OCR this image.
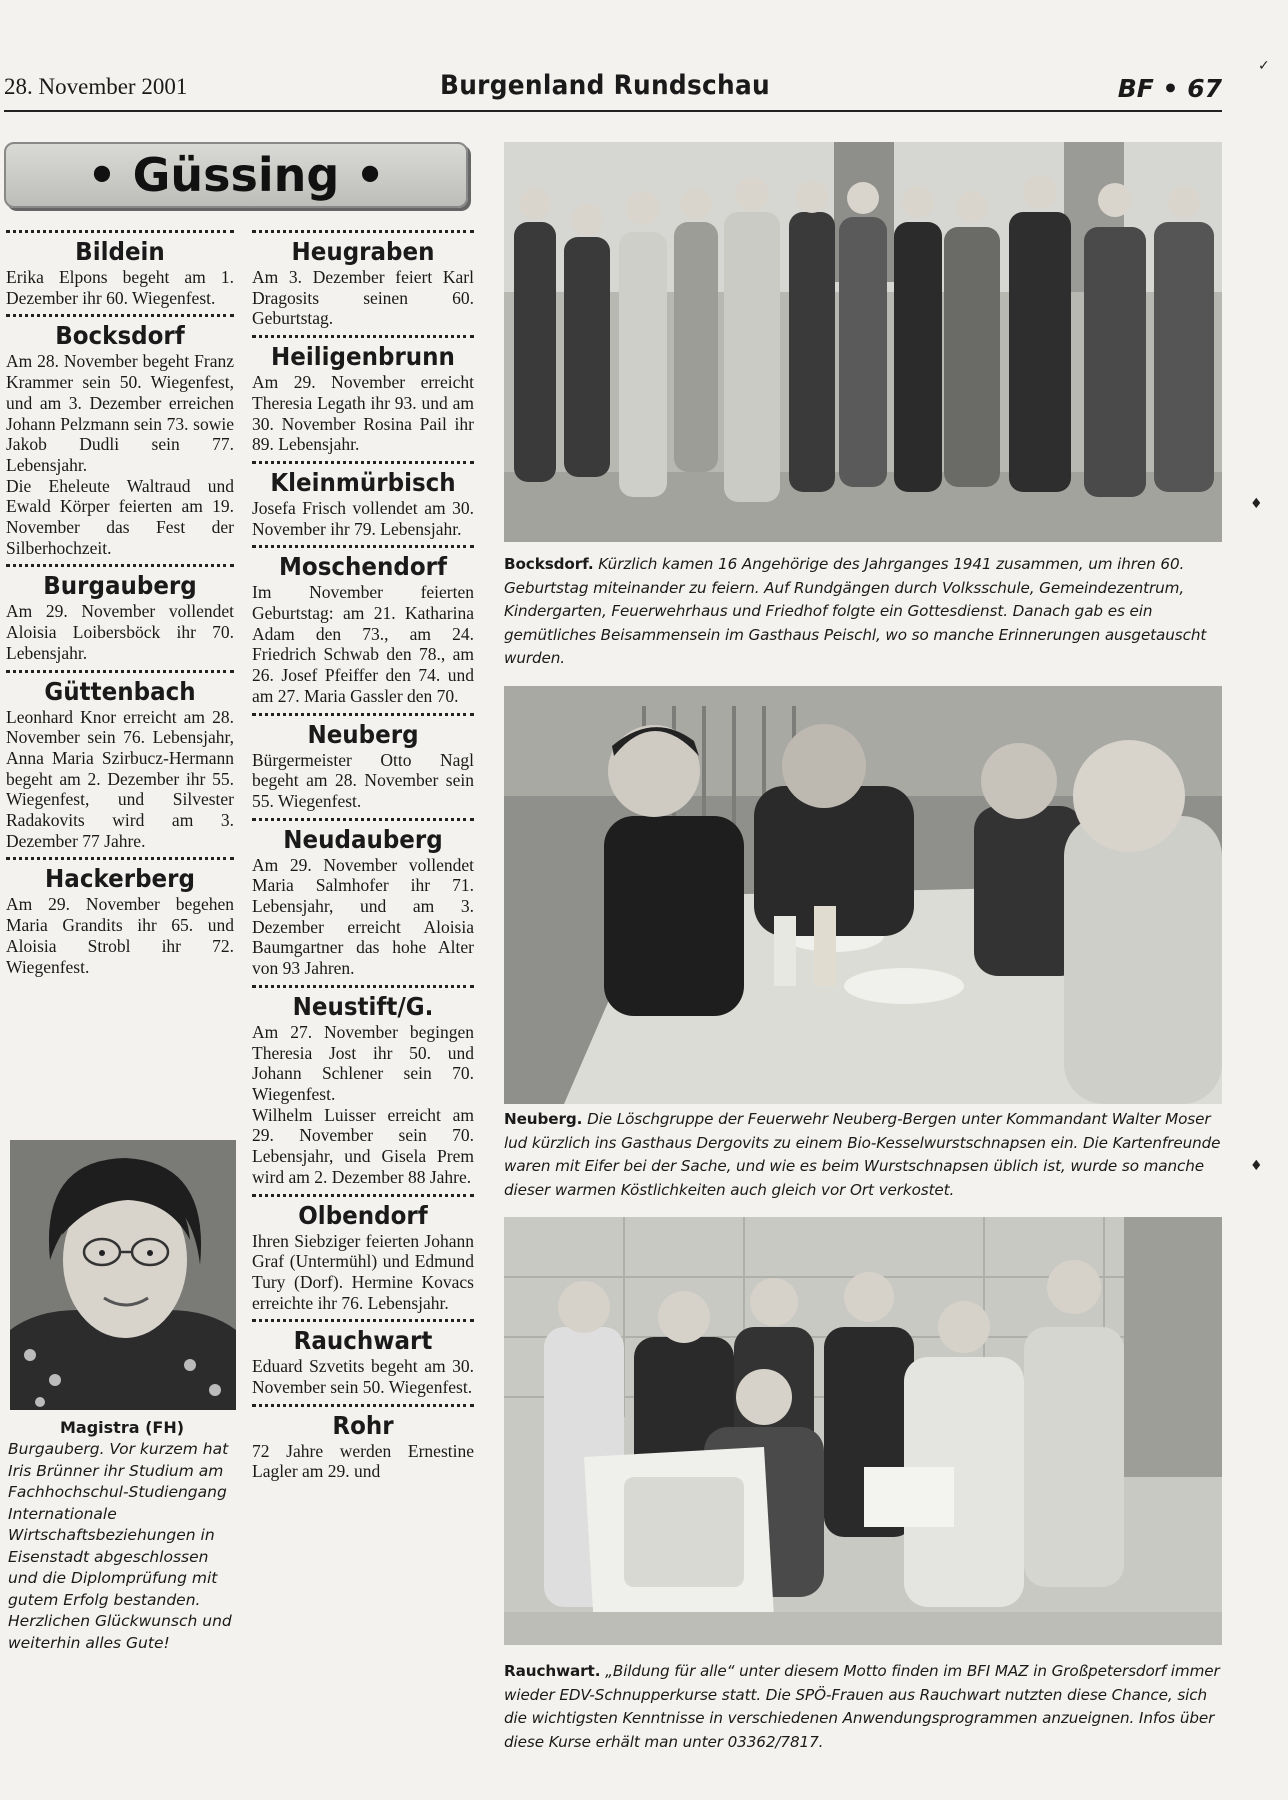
28. November 2001	Burgenland Rundschau	BF • 67
• Güssing •
Bildein

Erika Elpons begeht am 1. Dezember ihr 60. Wiegenfest.

Bocksdorf

Am 28. November begeht Franz Krammer sein 50. Wiegenfest, und am 3. Dezember erreichen Johann Pelzmann sein 73. sowie Jakob Dudli sein 77. Lebensjahr.

Die Eheleute Waltraud und Ewald Körper feierten am 19. November das Fest der Silberhochzeit.

Burgauberg

Am 29. November vollendet Aloisia Loibersböck ihr 70. Lebensjahr.

Güttenbach

Leonhard Knor erreicht am 28. November sein 76. Lebensjahr, Anna Maria Szirbucz-Hermann begeht am 2. Dezember ihr 55. Wiegenfest, und Silvester Radakovits wird am 3. Dezember 77 Jahre.

Hackerberg

Am 29. November begehen Maria Grandits ihr 65. und Aloisia Strobl ihr 72. Wiegenfest.

Magistra (FH)
Burgauberg. Vor kurzem hat Iris Brünner ihr Studium am Fachhochschul-Studiengang Internationale Wirtschaftsbeziehungen in Eisenstadt abgeschlossen und die Diplomprüfung mit gutem Erfolg bestanden. Herzlichen Glückwunsch und weiterhin alles Gute!
Heugraben

Am 3. Dezember feiert Karl Dragosits seinen 60. Geburtstag.

Heiligenbrunn

Am 29. November erreicht Theresia Legath ihr 93. und am 30. November Rosina Pail ihr 89. Lebensjahr.

Kleinmürbisch

Josefa Frisch vollendet am 30. November ihr 79. Lebensjahr.

Moschendorf

Im November feierten Geburtstag: am 21. Katharina Adam den 73., am 24. Friedrich Schwab den 78., am 26. Josef Pfeiffer den 74. und am 27. Maria Gassler den 70.

Neuberg

Bürgermeister Otto Nagl begeht am 28. November sein 55. Wiegenfest.

Neudauberg

Am 29. November vollendet Maria Salmhofer ihr 71. Lebensjahr, und am 3. Dezember erreicht Aloisia Baumgartner das hohe Alter von 93 Jahren.

Neustift/G.

Am 27. November begingen Theresia Jost ihr 50. und Johann Schlener sein 70. Wiegenfest.

Wilhelm Luisser erreicht am 29. November sein 70. Lebensjahr, und Gisela Prem wird am 2. Dezember 88 Jahre.

Olbendorf

Ihren Siebziger feierten Johann Graf (Untermühl) und Edmund Tury (Dorf). Hermine Kovacs erreichte ihr 76. Lebensjahr.

Rauchwart

Eduard Szvetits begeht am 30. November sein 50. Wiegenfest.

Rohr

72 Jahre werden Ernestine Lagler am 29. und

Bocksdorf. Kürzlich kamen 16 Angehörige des Jahrganges 1941 zusammen, um ihren 60. Geburtstag miteinander zu feiern. Auf Rundgängen durch Volksschule, Gemeindezentrum, Kindergarten, Feuerwehrhaus und Friedhof folgte ein Gottesdienst. Danach gab es ein gemütliches Beisammensein im Gasthaus Peischl, wo so manche Erinnerungen ausgetauscht wurden.
Neuberg. Die Löschgruppe der Feuerwehr Neuberg-Bergen unter Kommandant Walter Moser lud kürzlich ins Gasthaus Dergovits zu einem Bio-Kesselwurstschnapsen ein. Die Kartenfreunde waren mit Eifer bei der Sache, und wie es beim Wurstschnapsen üblich ist, wurde so manche dieser warmen Köstlichkeiten auch gleich vor Ort verkostet.
Rauchwart. „Bildung für alle“ unter diesem Motto finden im BFI MAZ in Großpetersdorf immer wieder EDV-Schnupperkurse statt. Die SPÖ-Frauen aus Rauchwart nutzten diese Chance, sich die wichtigsten Kenntnisse in verschiedenen Anwendungsprogrammen anzueignen. Infos über diese Kurse erhält man unter 03362/7817.
✓
♦
♦
